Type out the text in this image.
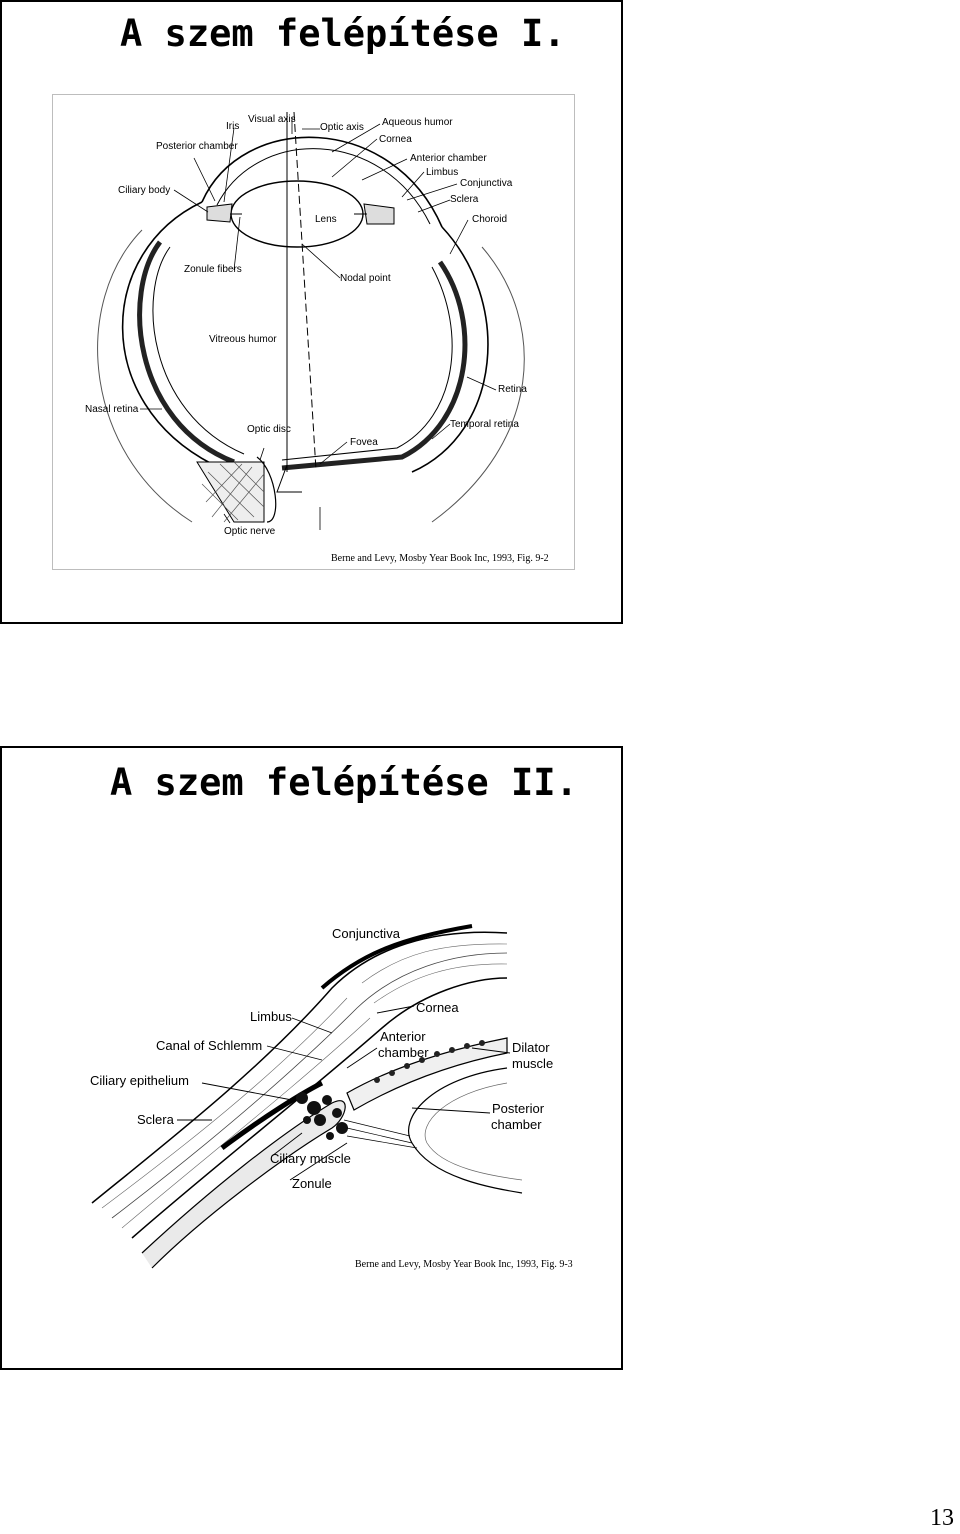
A szem felépítése I.
Visual axis
Optic axis Aqueous humor
Iris
Posterior chamber
Cornea
Anterior chamber
Limbus
Conjunctiva
Sclera
Ciliary body
Choroid
Lens
Zonule fibers
Nodal point
Vitreous humor
Retina
Nasal retina
Optic disc	Temporal retina
Fovea
Optic nerve
Berne and Levy, Mosby Year Book Inc, 1993, Fig. 9-2
A szem felépítése II.
Conjunctiva
Limbus
Cornea
Canal of Schlemm
Anterior
chamber	Dilator
muscle
Ciliary epithelium
Sclera
Posterior
chamber
Ciliary muscle
Zonule
Berne and Levy, Mosby Year Book Inc, 1993, Fig. 9-3
13
